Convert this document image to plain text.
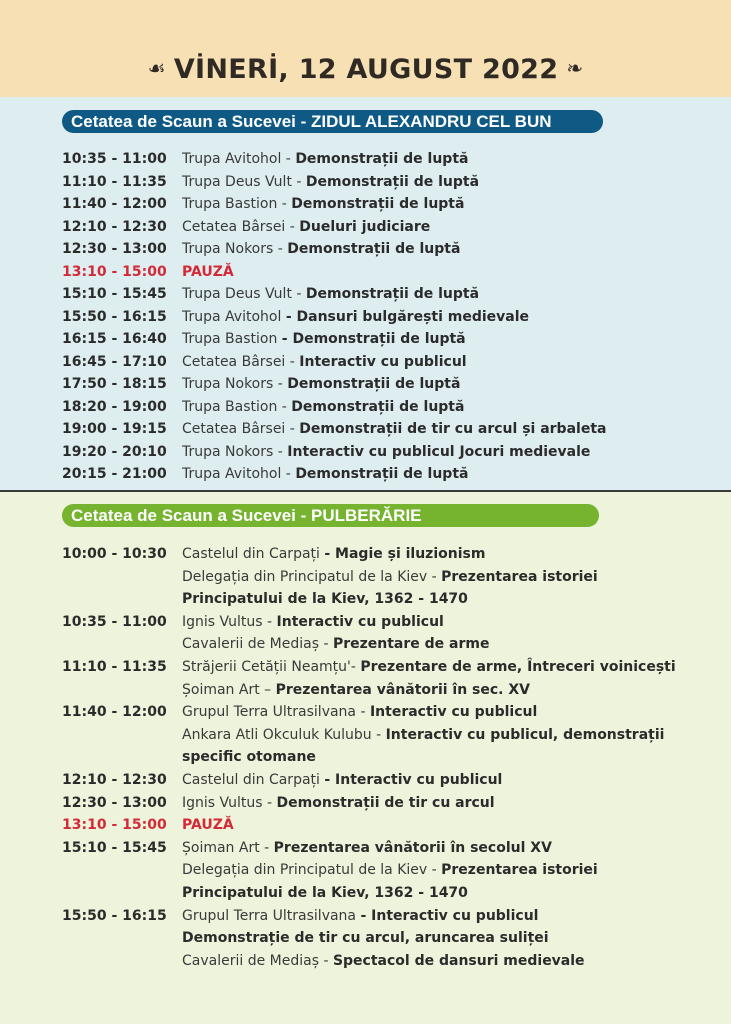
☙ VİNERİ, 12 AUGUST 2022 ❧
Cetatea de Scaun a Sucevei - ZIDUL ALEXANDRU CEL BUN
Cetatea de Scaun a Sucevei - PULBERĂRIE
10:35 - 11:00 Trupa Avitohol - Demonstrații de luptă
11:10 - 11:35 Trupa Deus Vult - Demonstrații de luptă
11:40 - 12:00 Trupa Bastion - Demonstrații de luptă
12:10 - 12:30 Cetatea Bârsei - Dueluri judiciare
12:30 - 13:00 Trupa Nokors - Demonstrații de luptă
13:10 - 15:00 PAUZĂ
15:10 - 15:45 Trupa Deus Vult - Demonstrații de luptă
15:50 - 16:15 Trupa Avitohol - Dansuri bulgărești medievale
16:15 - 16:40 Trupa Bastion - Demonstrații de luptă
16:45 - 17:10 Cetatea Bârsei - Interactiv cu publicul
17:50 - 18:15 Trupa Nokors - Demonstrații de luptă
18:20 - 19:00 Trupa Bastion - Demonstrații de luptă
19:00 - 19:15 Cetatea Bârsei - Demonstrații de tir cu arcul și arbaleta
19:20 - 20:10 Trupa Nokors - Interactiv cu publicul Jocuri medievale
20:15 - 21:00 Trupa Avitohol - Demonstrații de luptă
10:00 - 10:30 Castelul din Carpați - Magie și iluzionism
Delegația din Principatul de la Kiev - Prezentarea istoriei
Principatului de la Kiev, 1362 - 1470
10:35 - 11:00 Ignis Vultus - Interactiv cu publicul
Cavalerii de Mediaș - Prezentare de arme
11:10 - 11:35 Străjerii Cetății Neamțu'- Prezentare de arme, Întreceri voinicești
Șoiman Art – Prezentarea vânătorii în sec. XV
11:40 - 12:00 Grupul Terra Ultrasilvana - Interactiv cu publicul
Ankara Atli Okculuk Kulubu - Interactiv cu publicul, demonstrații
specific otomane
12:10 - 12:30 Castelul din Carpați - Interactiv cu publicul
12:30 - 13:00 Ignis Vultus - Demonstrații de tir cu arcul
13:10 - 15:00 PAUZĂ
15:10 - 15:45 Șoiman Art - Prezentarea vânătorii în secolul XV
Delegația din Principatul de la Kiev - Prezentarea istoriei
Principatului de la Kiev, 1362 - 1470
15:50 - 16:15 Grupul Terra Ultrasilvana - Interactiv cu publicul
Demonstrație de tir cu arcul, aruncarea suliței
Cavalerii de Mediaș - Spectacol de dansuri medievale
